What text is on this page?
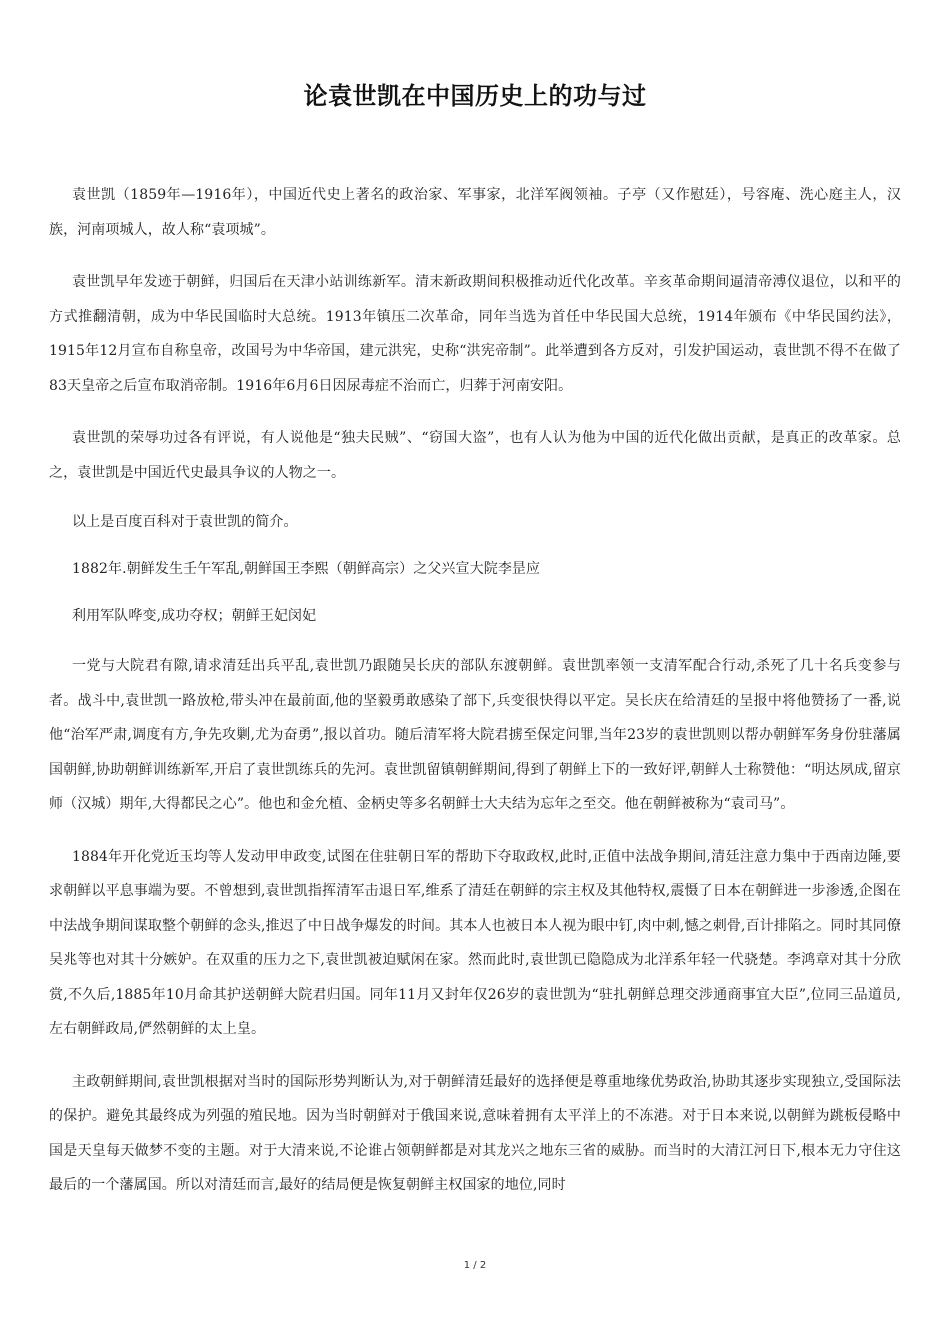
论袁世凯在中国历史上的功与过

袁世凯（1859年—1916年），中国近代史上著名的政治家、军事家，北洋军阀领袖。子亭（又作慰廷），号容庵、洗心庭主人，汉族，河南项城人，故人称“袁项城”。

袁世凯早年发迹于朝鲜，归国后在天津小站训练新军。清末新政期间积极推动近代化改革。辛亥革命期间逼清帝溥仪退位，以和平的方式推翻清朝，成为中华民国临时大总统。1913年镇压二次革命，同年当选为首任中华民国大总统，1914年颁布《中华民国约法》，1915年12月宣布自称皇帝，改国号为中华帝国，建元洪宪，史称“洪宪帝制”。此举遭到各方反对，引发护国运动，袁世凯不得不在做了83天皇帝之后宣布取消帝制。1916年6月6日因尿毒症不治而亡，归葬于河南安阳。

袁世凯的荣辱功过各有评说，有人说他是“独夫民贼”、“窃国大盗”，也有人认为他为中国的近代化做出贡献，是真正的改革家。总之，袁世凯是中国近代史最具争议的人物之一。

以上是百度百科对于袁世凯的简介。

1882年.朝鲜发生壬午军乱,朝鲜国王李熙（朝鲜高宗）之父兴宣大院李昰应

利用军队哗变,成功夺权；朝鲜王妃闵妃

一党与大院君有隙,请求清廷出兵平乱,袁世凯乃跟随吴长庆的部队东渡朝鲜。袁世凯率领一支清军配合行动,杀死了几十名兵变参与者。战斗中,袁世凯一路放枪,带头冲在最前面,他的坚毅勇敢感染了部下,兵变很快得以平定。吴长庆在给清廷的呈报中将他赞扬了一番,说他“治军严肃,调度有方,争先攻剿,尤为奋勇”,报以首功。随后清军将大院君掳至保定问罪,当年23岁的袁世凯则以帮办朝鲜军务身份驻藩属国朝鲜,协助朝鲜训练新军,开启了袁世凯练兵的先河。袁世凯留镇朝鲜期间,得到了朝鲜上下的一致好评,朝鲜人士称赞他：“明达夙成,留京师（汉城）期年,大得都民之心”。他也和金允植、金柄史等多名朝鲜士大夫结为忘年之至交。他在朝鲜被称为“袁司马”。

1884年开化党近玉均等人发动甲申政变,试图在住驻朝日军的帮助下夺取政权,此时,正值中法战争期间,清廷注意力集中于西南边陲,要求朝鲜以平息事端为要。不曾想到,袁世凯指挥清军击退日军,维系了清廷在朝鲜的宗主权及其他特权,震慑了日本在朝鲜进一步渗透,企图在中法战争期间谋取整个朝鲜的念头,推迟了中日战争爆发的时间。其本人也被日本人视为眼中钉,肉中刺,憾之刺骨,百计排陷之。同时其同僚吴兆等也对其十分嫉妒。在双重的压力之下,袁世凯被迫赋闲在家。然而此时,袁世凯已隐隐成为北洋系年轻一代骁楚。李鸿章对其十分欣赏,不久后,1885年10月命其护送朝鲜大院君归国。同年11月又封年仅26岁的袁世凯为“驻扎朝鲜总理交涉通商事宜大臣”,位同三品道员,左右朝鲜政局,俨然朝鲜的太上皇。

主政朝鲜期间,袁世凯根据对当时的国际形势判断认为,对于朝鲜清廷最好的选择便是尊重地缘优势政治,协助其逐步实现独立,受国际法的保护。避免其最终成为列强的殖民地。因为当时朝鲜对于俄国来说,意味着拥有太平洋上的不冻港。对于日本来说,以朝鲜为跳板侵略中国是天皇每天做梦不变的主题。对于大清来说,不论谁占领朝鲜都是对其龙兴之地东三省的威胁。而当时的大清江河日下,根本无力守住这最后的一个藩属国。所以对清廷而言,最好的结局便是恢复朝鲜主权国家的地位,同时

1 / 2
